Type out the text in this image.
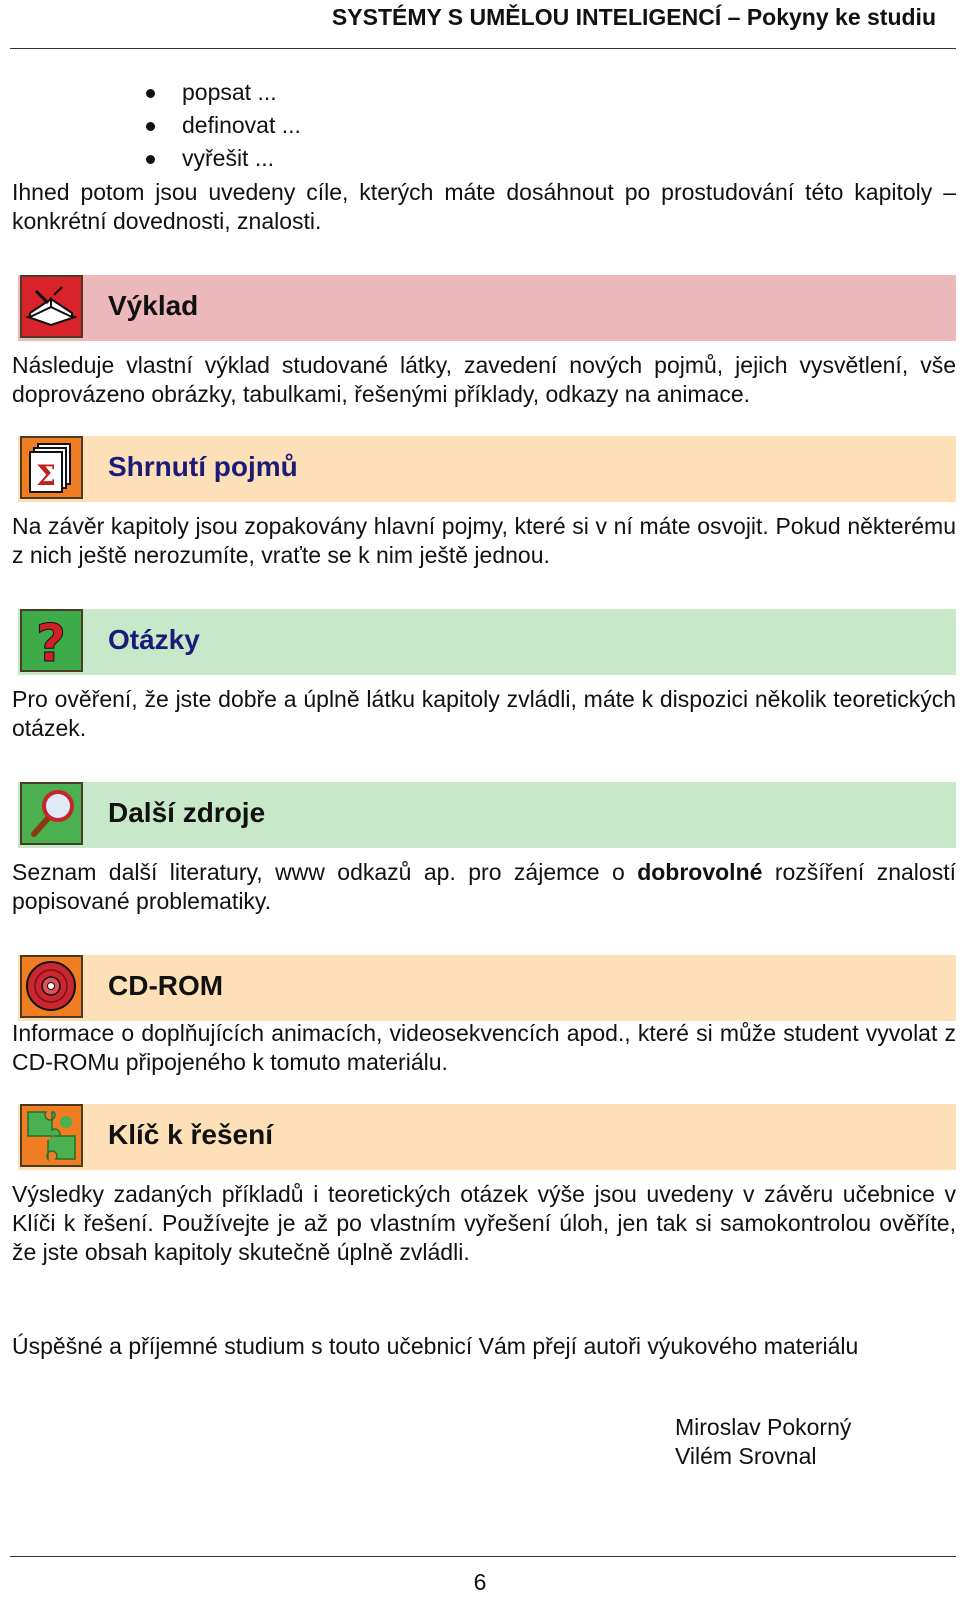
SYSTÉMY S UMĚLOU INTELIGENCÍ – Pokyny ke studiu
popsat ...
definovat ...
vyřešit ...
Ihned potom jsou uvedeny cíle, kterých máte dosáhnout po prostudování této kapitoly – konkrétní dovednosti, znalosti.
Výklad
Následuje vlastní výklad studované látky, zavedení nových pojmů, jejich vysvětlení, vše doprovázeno obrázky, tabulkami, řešenými příklady, odkazy na animace.
Σ Shrnutí pojmů
Na závěr kapitoly jsou zopakovány hlavní pojmy, které si v ní máte osvojit. Pokud některému z nich ještě nerozumíte, vraťte se k nim ještě jednou.
? Otázky
Pro ověření, že jste dobře a úplně látku kapitoly zvládli, máte k dispozici několik teoretických otázek.
Další zdroje
Seznam další literatury, www odkazů ap. pro zájemce o dobrovolné rozšíření znalostí popisované problematiky.
CD-ROM
Informace o doplňujících animacích, videosekvencích apod., které si může student vyvolat z CD-ROMu připojeného k tomuto materiálu.
Klíč k řešení
Výsledky zadaných příkladů i teoretických otázek výše jsou uvedeny v závěru učebnice v Klíči k řešení. Používejte je až po vlastním vyřešení úloh, jen tak si samokontrolou ověříte, že jste obsah kapitoly skutečně úplně zvládli.
Úspěšné a příjemné studium s touto učebnicí Vám přejí autoři výukového materiálu
Miroslav Pokorný
Vilém Srovnal
6
